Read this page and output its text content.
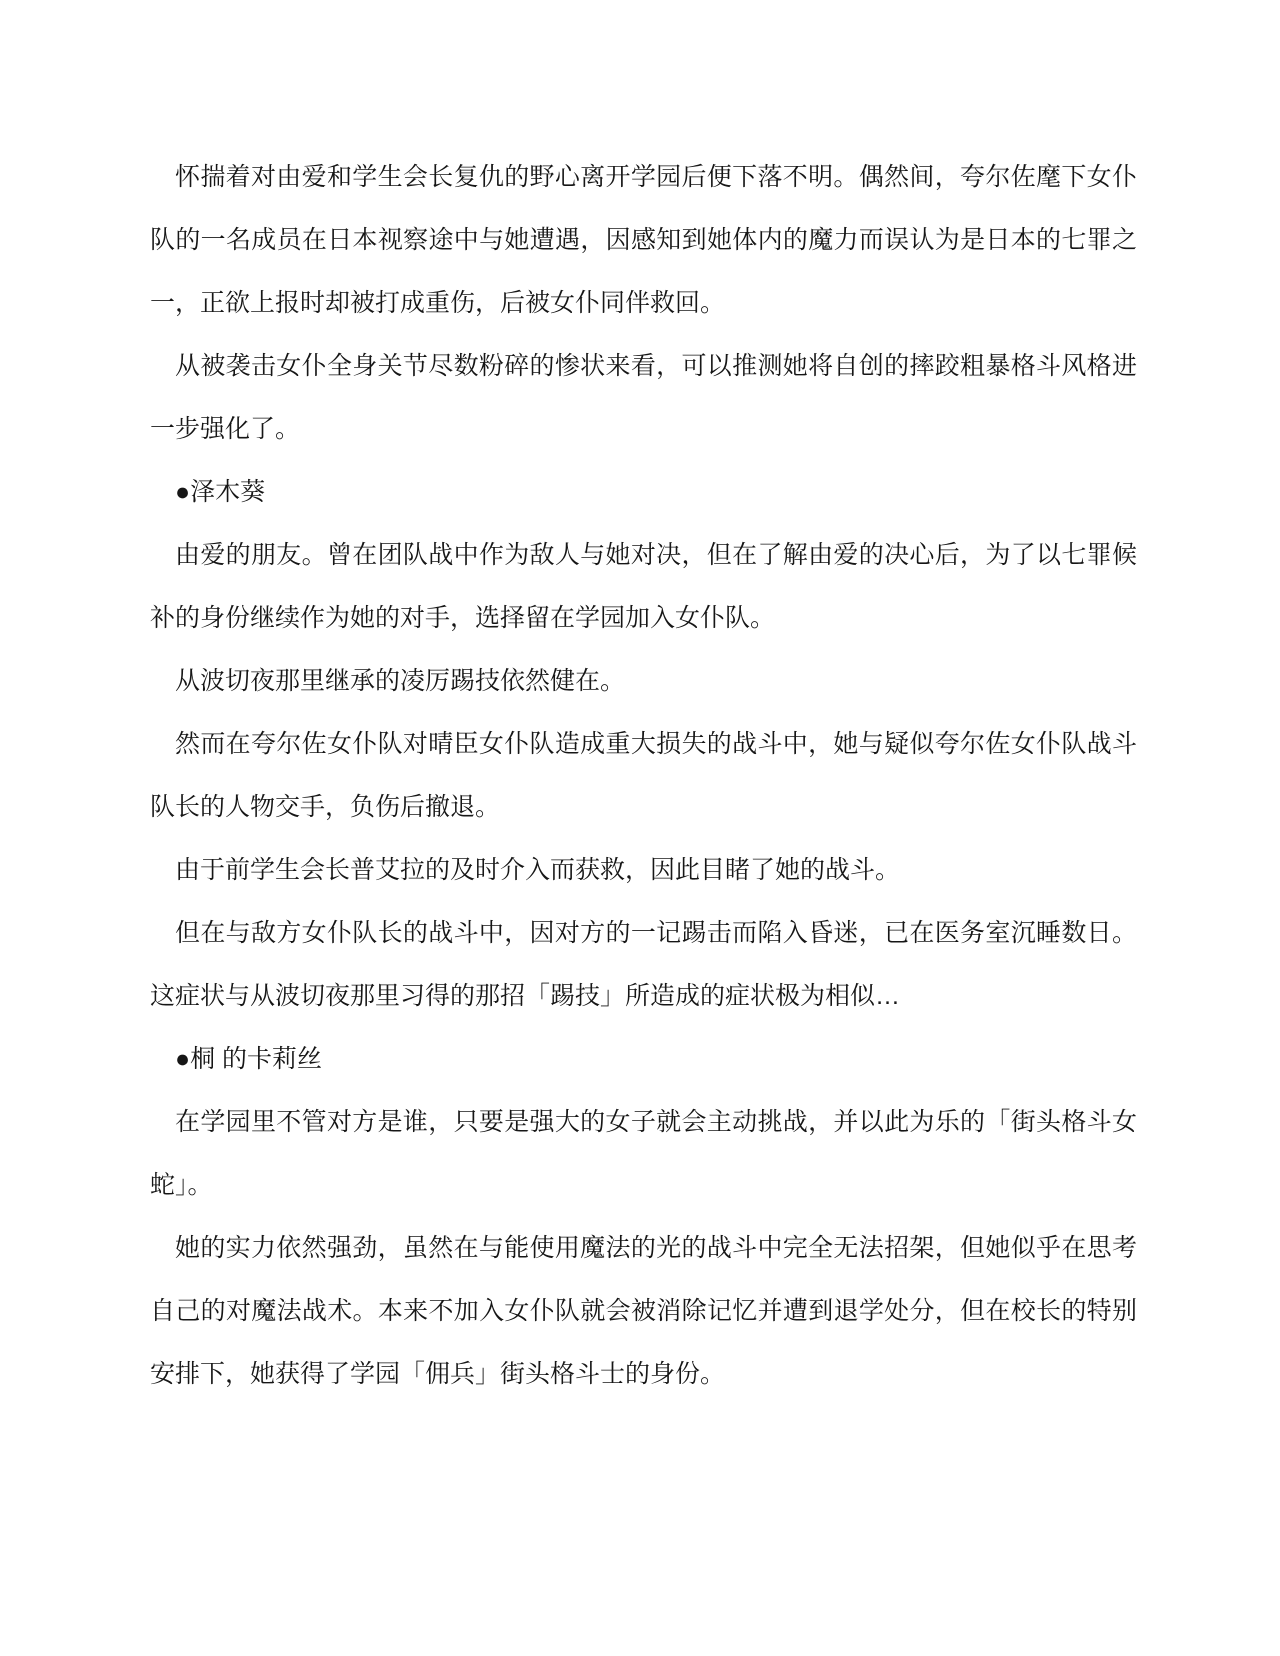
怀揣着对由爱和学生会长复仇的野心离开学园后便下落不明。偶然间，夸尔佐麾下女仆队的一名成员在日本视察途中与她遭遇，因感知到她体内的魔力而误认为是日本的七罪之一，正欲上报时却被打成重伤，后被女仆同伴救回。

从被袭击女仆全身关节尽数粉碎的惨状来看，可以推测她将自创的摔跤粗暴格斗风格进一步强化了。

●泽木葵

由爱的朋友。曾在团队战中作为敌人与她对决，但在了解由爱的决心后，为了以七罪候补的身份继续作为她的对手，选择留在学园加入女仆队。

从波切夜那里继承的凌厉踢技依然健在。

然而在夸尔佐女仆队对晴臣女仆队造成重大损失的战斗中，她与疑似夸尔佐女仆队战斗队长的人物交手，负伤后撤退。

由于前学生会长普艾拉的及时介入而获救，因此目睹了她的战斗。

但在与敌方女仆队长的战斗中，因对方的一记踢击而陷入昏迷，已在医务室沉睡数日。这症状与从波切夜那里习得的那招「踢技」所造成的症状极为相似…

●桐 的卡莉丝

在学园里不管对方是谁，只要是强大的女子就会主动挑战，并以此为乐的「街头格斗女蛇」。

她的实力依然强劲，虽然在与能使用魔法的光的战斗中完全无法招架，但她似乎在思考自己的对魔法战术。本来不加入女仆队就会被消除记忆并遭到退学处分，但在校长的特别安排下，她获得了学园「佣兵」街头格斗士的身份。
